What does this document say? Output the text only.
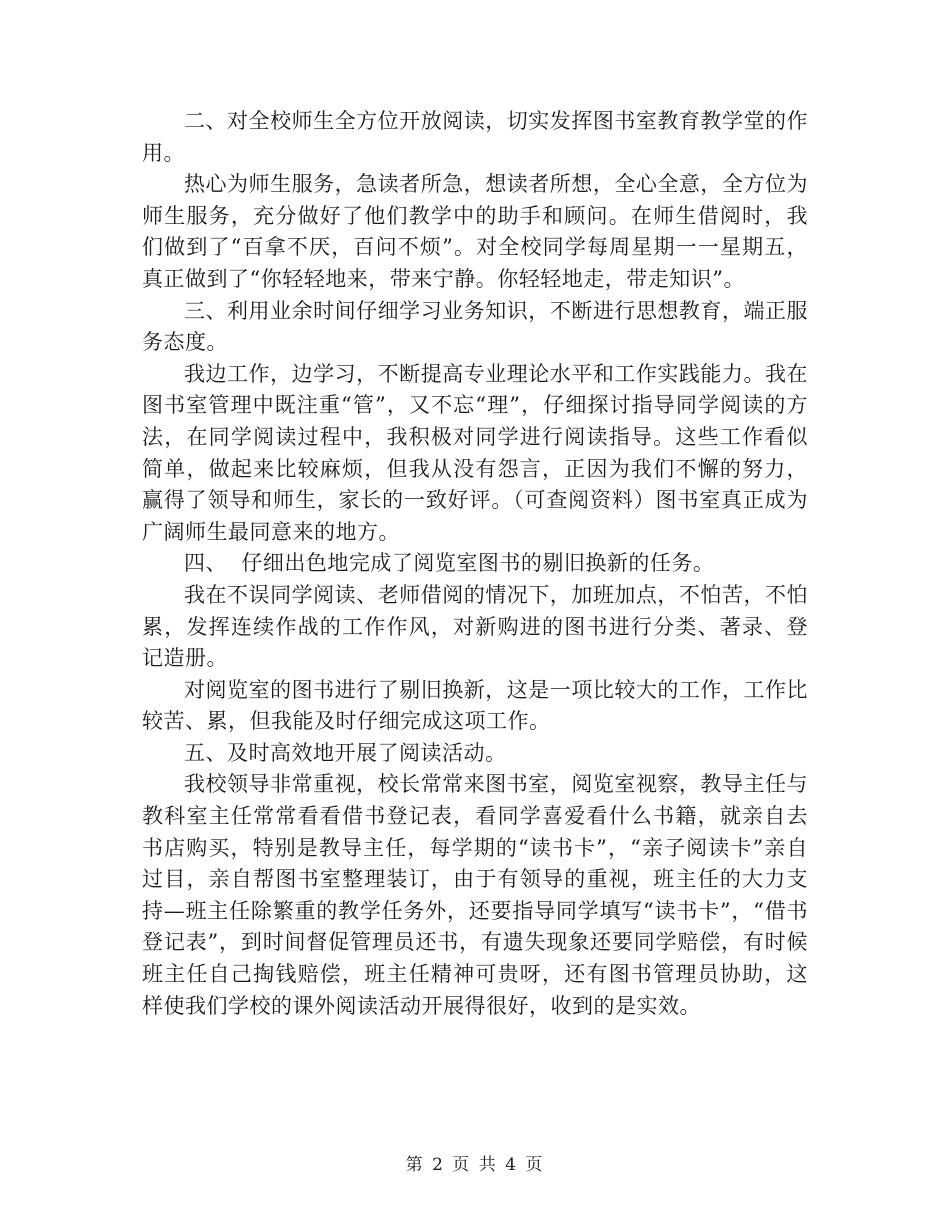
二、对全校师生全方位开放阅读，切实发挥图书室教育教学堂的作用。

热心为师生服务，急读者所急，想读者所想，全心全意，全方位为师生服务，充分做好了他们教学中的助手和顾问。在师生借阅时，我们做到了“百拿不厌，百问不烦”。对全校同学每周星期一一星期五，真正做到了“你轻轻地来，带来宁静。你轻轻地走，带走知识”。

三、利用业余时间仔细学习业务知识，不断进行思想教育，端正服务态度。

我边工作，边学习，不断提高专业理论水平和工作实践能力。我在图书室管理中既注重“管”，又不忘“理”，仔细探讨指导同学阅读的方法，在同学阅读过程中，我积极对同学进行阅读指导。这些工作看似简单，做起来比较麻烦，但我从没有怨言，正因为我们不懈的努力，赢得了领导和师生，家长的一致好评。（可查阅资料）图书室真正成为广阔师生最同意来的地方。

四、  仔细出色地完成了阅览室图书的剔旧换新的任务。

我在不误同学阅读、老师借阅的情况下，加班加点，不怕苦，不怕累，发挥连续作战的工作作风，对新购进的图书进行分类、著录、登记造册。

对阅览室的图书进行了剔旧换新，这是一项比较大的工作，工作比较苦、累，但我能及时仔细完成这项工作。

五、及时高效地开展了阅读活动。

我校领导非常重视，校长常常来图书室，阅览室视察，教导主任与教科室主任常常看看借书登记表，看同学喜爱看什么书籍，就亲自去书店购买，特别是教导主任，每学期的“读书卡”，“亲子阅读卡”亲自过目，亲自帮图书室整理装订，由于有领导的重视，班主任的大力支持—班主任除繁重的教学任务外，还要指导同学填写“读书卡”，“借书登记表”，到时间督促管理员还书，有遗失现象还要同学赔偿，有时候班主任自己掏钱赔偿，班主任精神可贵呀，还有图书管理员协助，这样使我们学校的课外阅读活动开展得很好，收到的是实效。

第 2 页 共 4 页
